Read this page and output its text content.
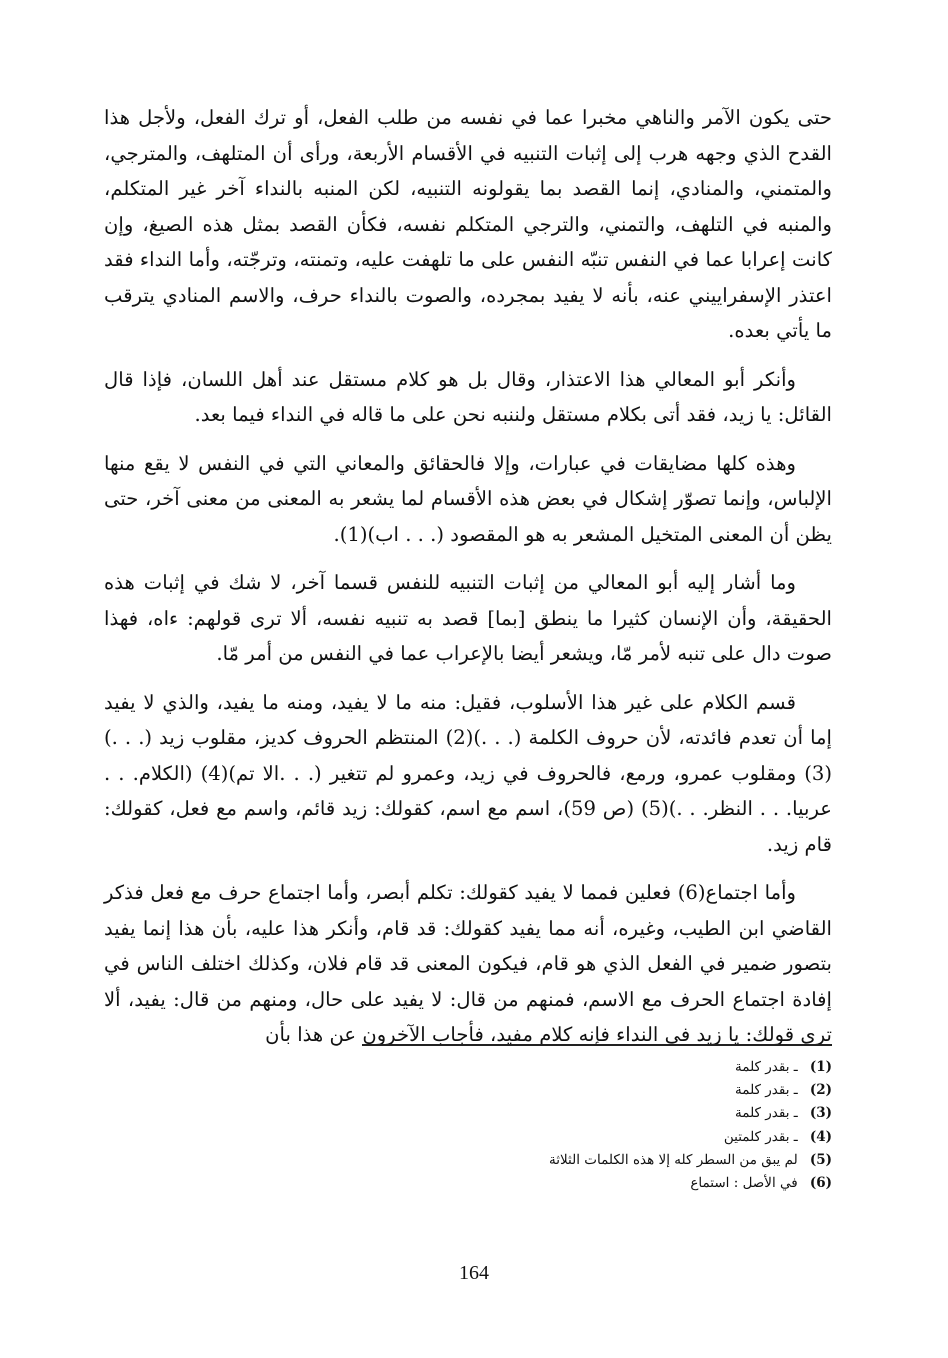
حتى يكون الآمر والناهي مخبرا عما في نفسه من طلب الفعل، أو ترك الفعل، ولأجل هذا القدح الذي وجهه هرب إلى إثبات التنبيه في الأقسام الأربعة، ورأى أن المتلهف، والمترجي، والمتمني، والمنادي، إنما القصد بما يقولونه التنبيه، لكن المنبه بالنداء آخر غير المتكلم، والمنبه في التلهف، والتمني، والترجي المتكلم نفسه، فكأن القصد بمثل هذه الصيغ، وإن كانت إعرابا عما في النفس تنبّه النفس على ما تلهفت عليه، وتمنته، وترجّته، وأما النداء فقد اعتذر الإسفراييني عنه، بأنه لا يفيد بمجرده، والصوت بالنداء حرف، والاسم المنادي يترقب ما يأتي بعده.

وأنكر أبو المعالي هذا الاعتذار، وقال بل هو كلام مستقل عند أهل اللسان، فإذا قال القائل: يا زيد، فقد أتى بكلام مستقل ولننبه نحن على ما قاله في النداء فيما بعد.

وهذه كلها مضايقات في عبارات، وإلا فالحقائق والمعاني التي في النفس لا يقع منها الإلباس، وإنما تصوّر إشكال في بعض هذه الأقسام لما يشعر به المعنى من معنى آخر، حتى يظن أن المعنى المتخيل المشعر به هو المقصود (. . . اب)(1).

وما أشار إليه أبو المعالي من إثبات التنبيه للنفس قسما آخر، لا شك في إثبات هذه الحقيقة، وأن الإنسان كثيرا ما ينطق [بما] قصد به تنبيه نفسه، ألا ترى قولهم: ءاه، فهذا صوت دال على تنبه لأمر مّا، ويشعر أيضا بالإعراب عما في النفس من أمر مّا.

قسم الكلام على غير هذا الأسلوب، فقيل: منه ما لا يفيد، ومنه ما يفيد، والذي لا يفيد إما أن تعدم فائدته، لأن حروف الكلمة (. . .)(2) المنتظم الحروف كديز، مقلوب زيد (. . .)(3) ومقلوب عمرو، ورمع، فالحروف في زيد، وعمرو لم تتغير (. . .الا تم)(4) (الكلام. . . عربيا. . . النظر. . .)(5) (ص 59)، اسم مع اسم، كقولك: زيد قائم، واسم مع فعل، كقولك: قام زيد.

وأما اجتماع(6) فعلين فمما لا يفيد كقولك: تكلم أبصر، وأما اجتماع حرف مع فعل فذكر القاضي ابن الطيب، وغيره، أنه مما يفيد كقولك: قد قام، وأنكر هذا عليه، بأن هذا إنما يفيد بتصور ضمير في الفعل الذي هو قام، فيكون المعنى قد قام فلان، وكذلك اختلف الناس في إفادة اجتماع الحرف مع الاسم، فمنهم من قال: لا يفيد على حال، ومنهم من قال: يفيد، ألا ترى قولك: يا زيد في النداء فإنه كلام مفيد، فأجاب الآخرون عن هذا بأن

(1) ـ بقدر كلمة

(2) ـ بقدر كلمة

(3) ـ بقدر كلمة

(4) ـ بقدر كلمتين

(5) لم يبق من السطر كله إلا هذه الكلمات الثلاثة

(6) في الأصل : استماع

164
